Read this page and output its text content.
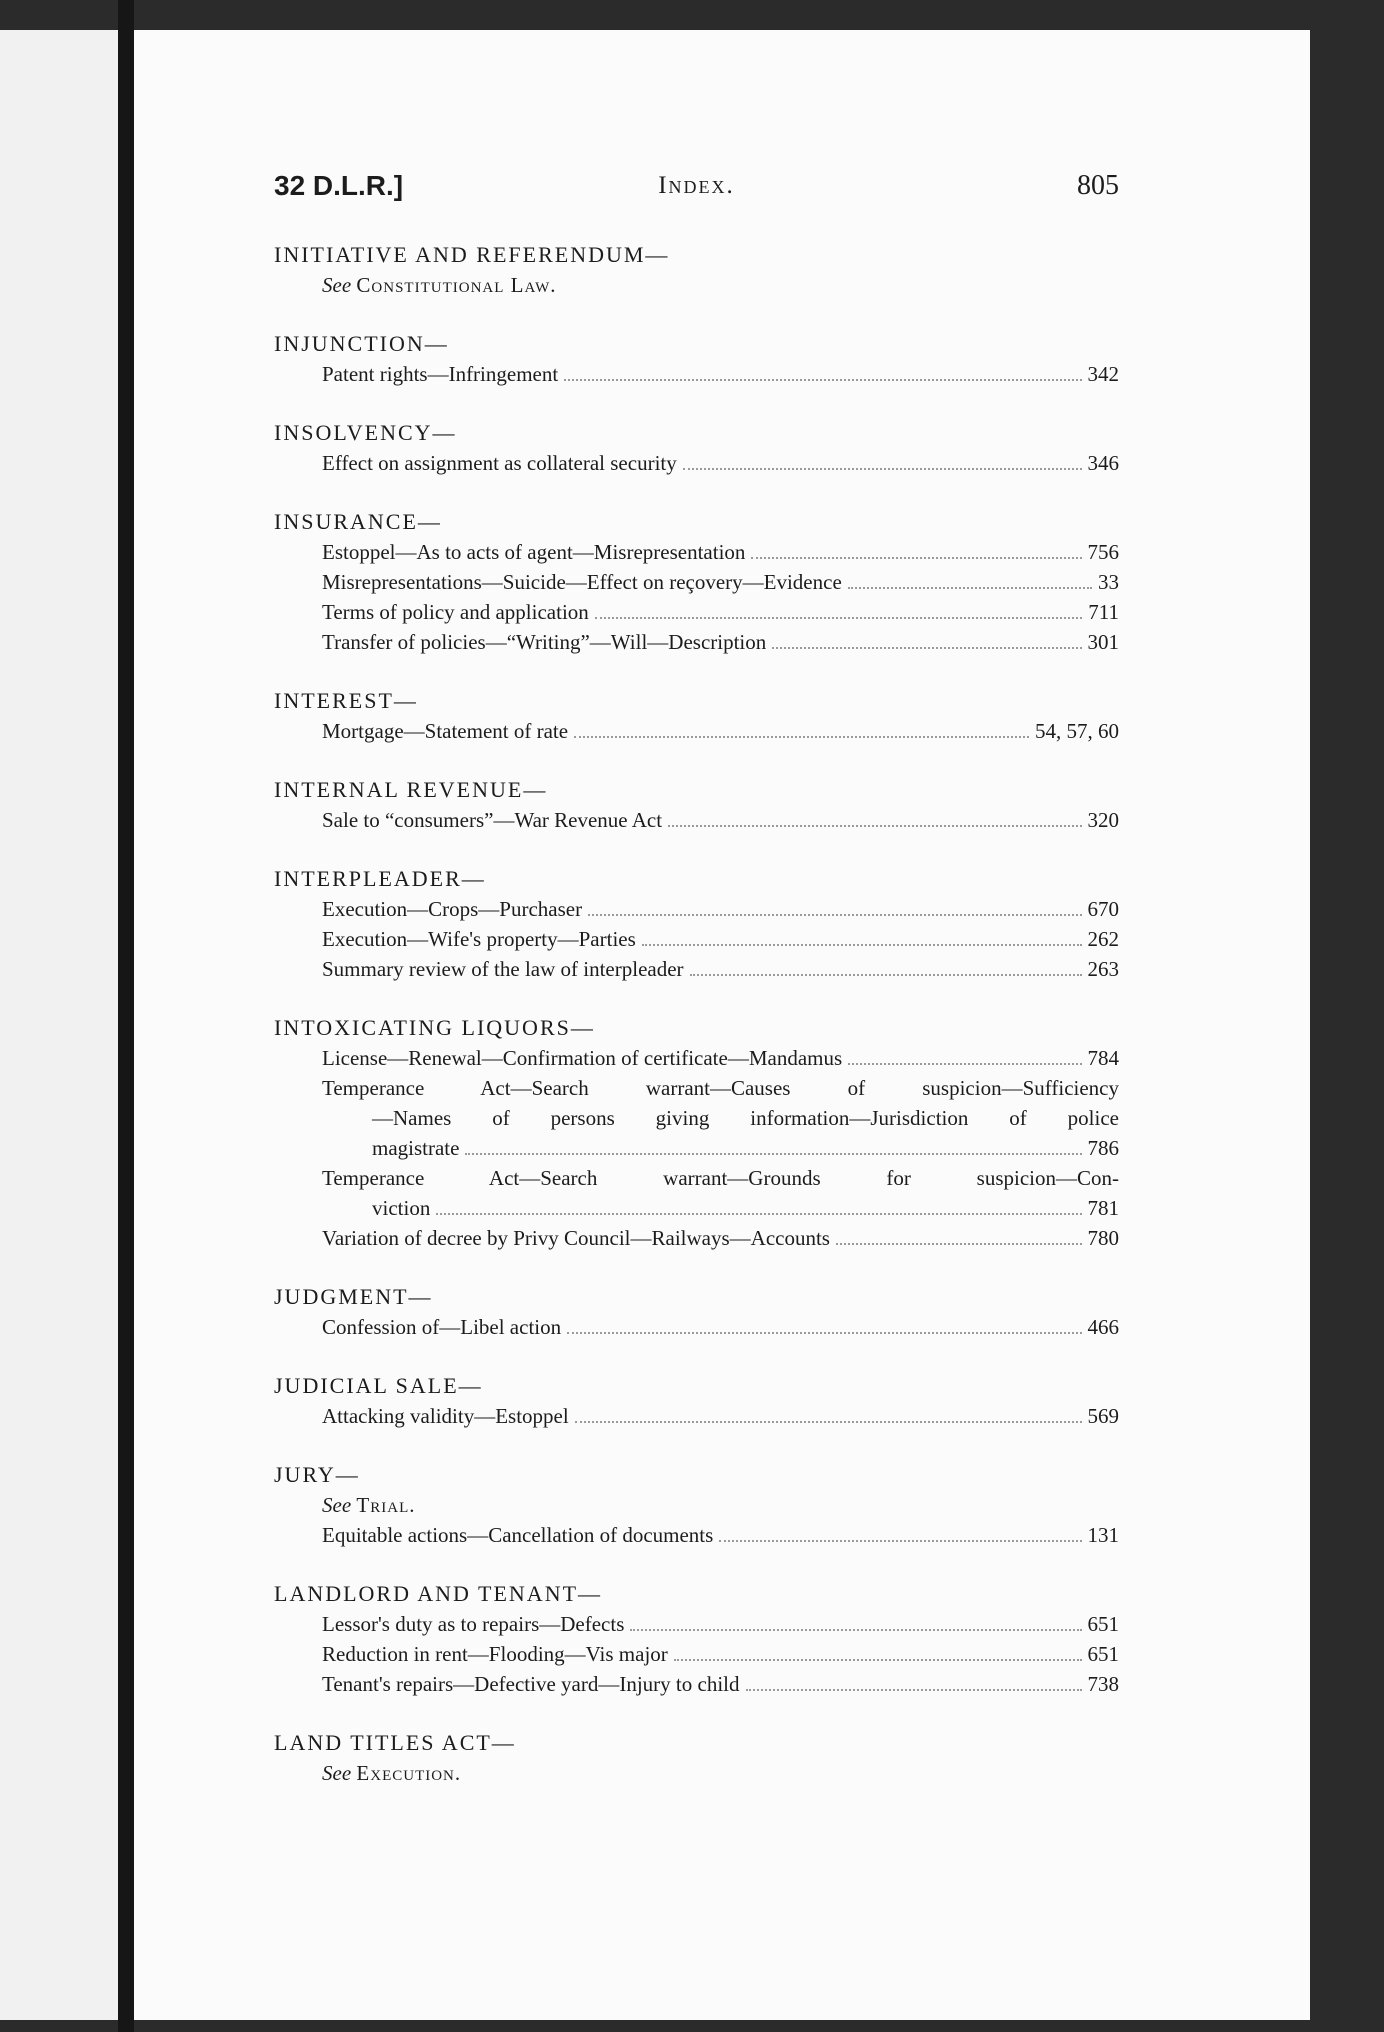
32 D.L.R.]	Index.	805
INITIATIVE AND REFERENDUM—
See Constitutional Law.
INJUNCTION—
Patent rights—Infringement	342
INSOLVENCY—
Effect on assignment as collateral security	346
INSURANCE—
Estoppel—As to acts of agent—Misrepresentation	756
Misrepresentations—Suicide—Effect on reçovery—Evidence	33
Terms of policy and application	711
Transfer of policies—“Writing”—Will—Description	301
INTEREST—
Mortgage—Statement of rate	54, 57, 60
INTERNAL REVENUE—
Sale to “consumers”—War Revenue Act	320
INTERPLEADER—
Execution—Crops—Purchaser	670
Execution—Wife's property—Parties	262
Summary review of the law of interpleader	263
INTOXICATING LIQUORS—
License—Renewal—Confirmation of certificate—Mandamus	784
Temperance Act—Search warrant—Causes of suspicion—Sufficiency
—Names of persons giving information—Jurisdiction of police
magistrate	786
Temperance Act—Search warrant—Grounds for suspicion—Con-
viction	781
Variation of decree by Privy Council—Railways—Accounts	780
JUDGMENT—
Confession of—Libel action	466
JUDICIAL SALE—
Attacking validity—Estoppel	569
JURY—
See Trial.
Equitable actions—Cancellation of documents	131
LANDLORD AND TENANT—
Lessor's duty as to repairs—Defects	651
Reduction in rent—Flooding—Vis major	651
Tenant's repairs—Defective yard—Injury to child	738
LAND TITLES ACT—
See Execution.
